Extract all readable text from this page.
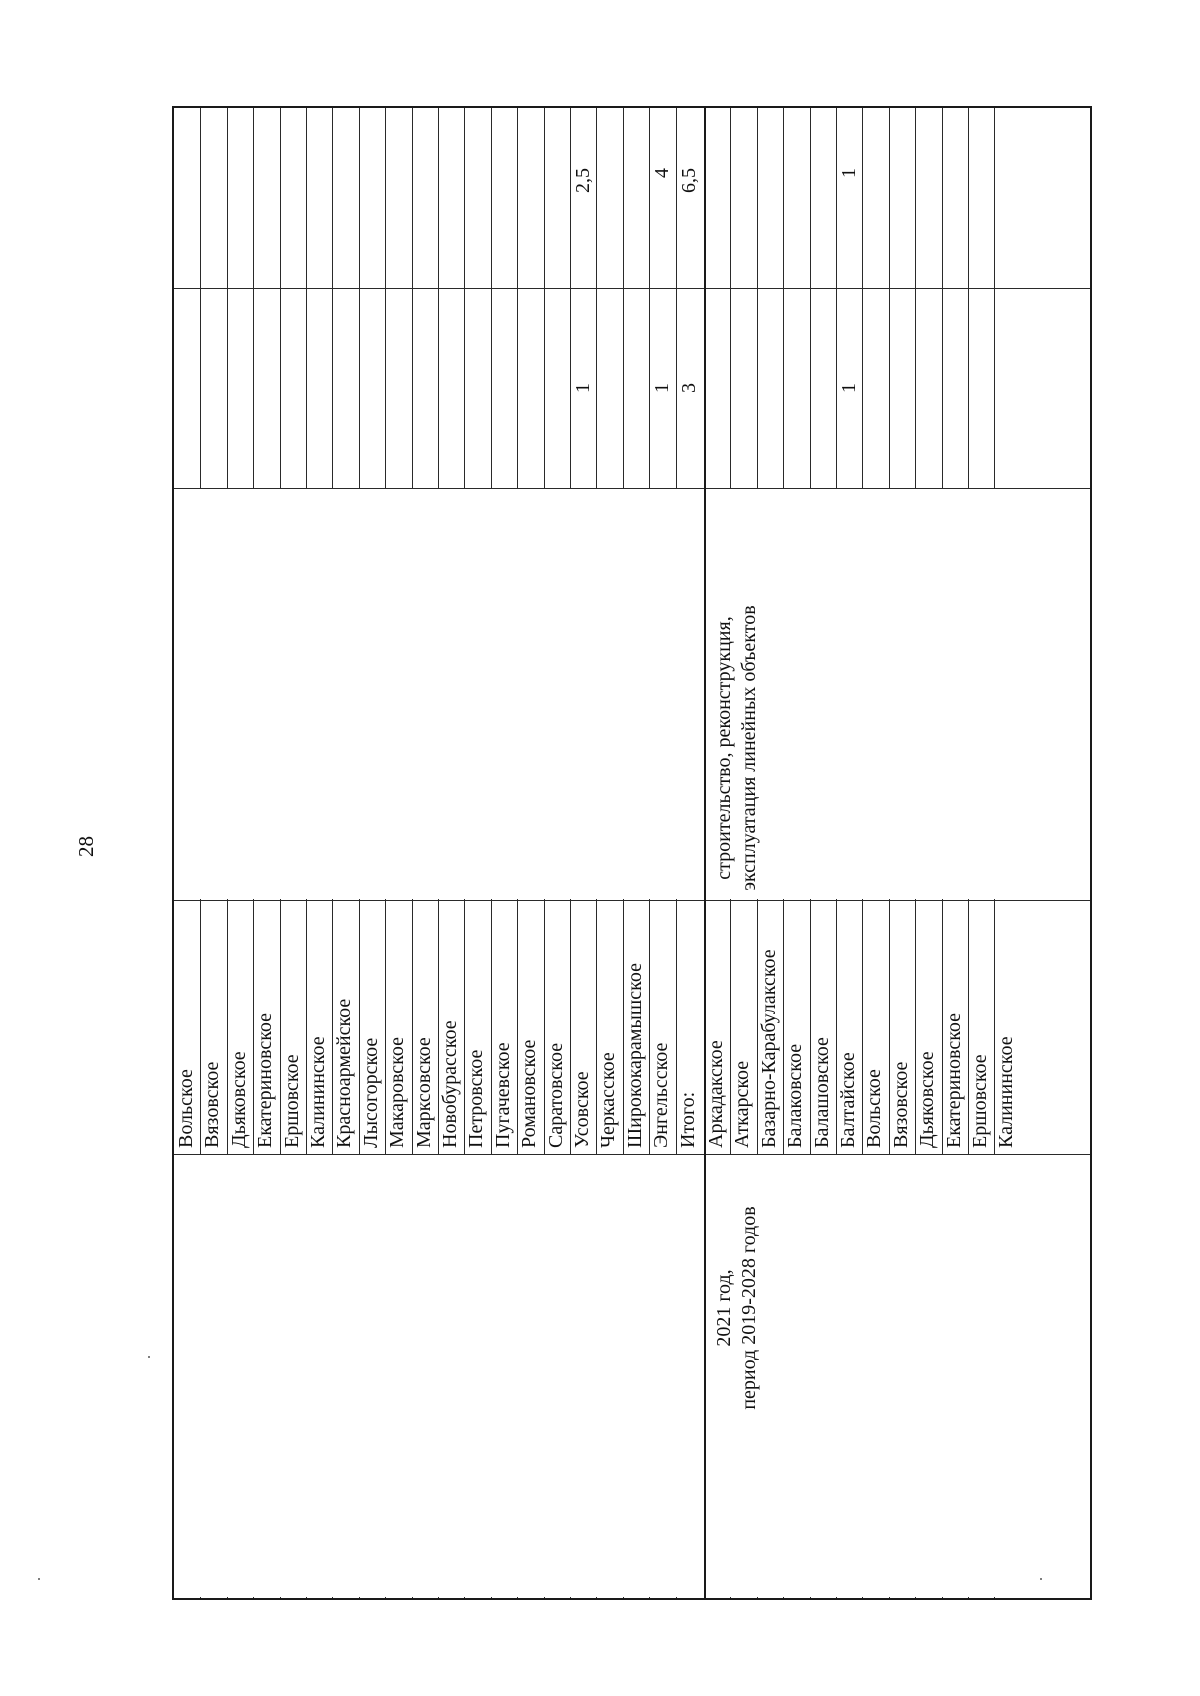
28
2021 год, период 2019-2028 годов
строительство, реконструкция, эксплуатация линейных объектов
Вольское Вязовское Дьяковское Екатериновское Ершовское Калининское Красноармейское Лысогорское Макаровское Марксовское Новобурасское Петровское Пугачевское Романовское Саратовское Усовское
1
2,5
Черкасское Ширококарамышское Энгельсское
1
4
Итого:
3
6,5
Аркадакское Аткарское Базарно-Карабулакское Балаковское Балашовское Балтайское
1
1
Вольское Вязовское Дьяковское Екатериновское Ершовское Калининское
